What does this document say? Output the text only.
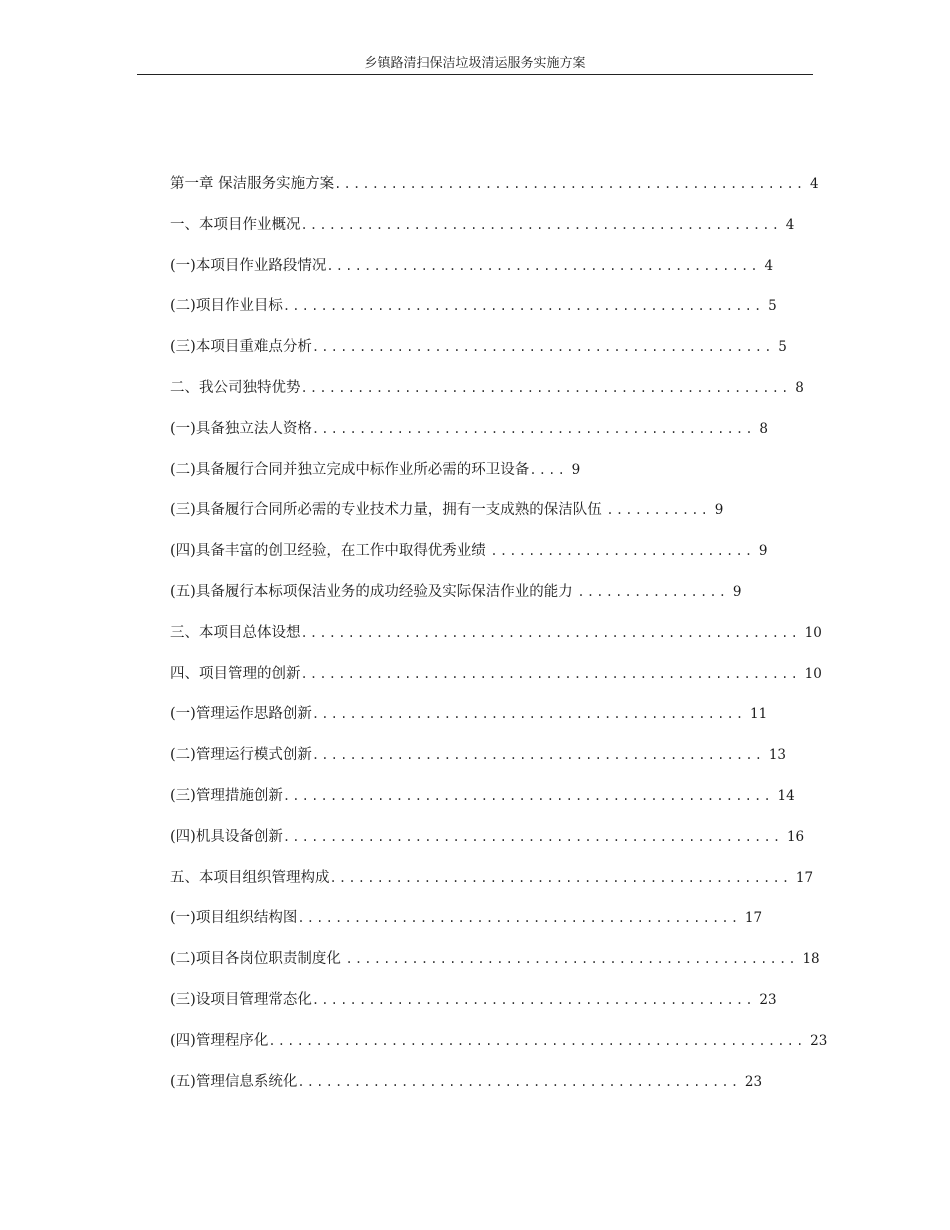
乡镇路清扫保洁垃圾清运服务实施方案
第一章 保洁服务实施方案.................................................. 4
一、本项目作业概况................................................... 4
(一)本项目作业路段情况.............................................. 4
(二)项目作业目标................................................... 5
(三)本项目重难点分析................................................. 5
二、我公司独特优势.................................................... 8
(一)具备独立法人资格............................................... 8
(二)具备履行合同并独立完成中标作业所必需的环卫设备.... 9
(三)具备履行合同所必需的专业技术力量，拥有一支成熟的保洁队伍 ........... 9
(四)具备丰富的创卫经验，在工作中取得优秀业绩 ............................ 9
(五)具备履行本标项保洁业务的成功经验及实际保洁作业的能力 ................ 9
三、本项目总体设想..................................................... 10
四、项目管理的创新..................................................... 10
(一)管理运作思路创新.............................................. 11
(二)管理运行模式创新................................................ 13
(三)管理措施创新.................................................... 14
(四)机具设备创新..................................................... 16
五、本项目组织管理构成................................................. 17
(一)项目组织结构图............................................... 17
(二)项目各岗位职责制度化 ................................................ 18
(三)设项目管理常态化............................................... 23
(四)管理程序化......................................................... 23
(五)管理信息系统化............................................... 23
